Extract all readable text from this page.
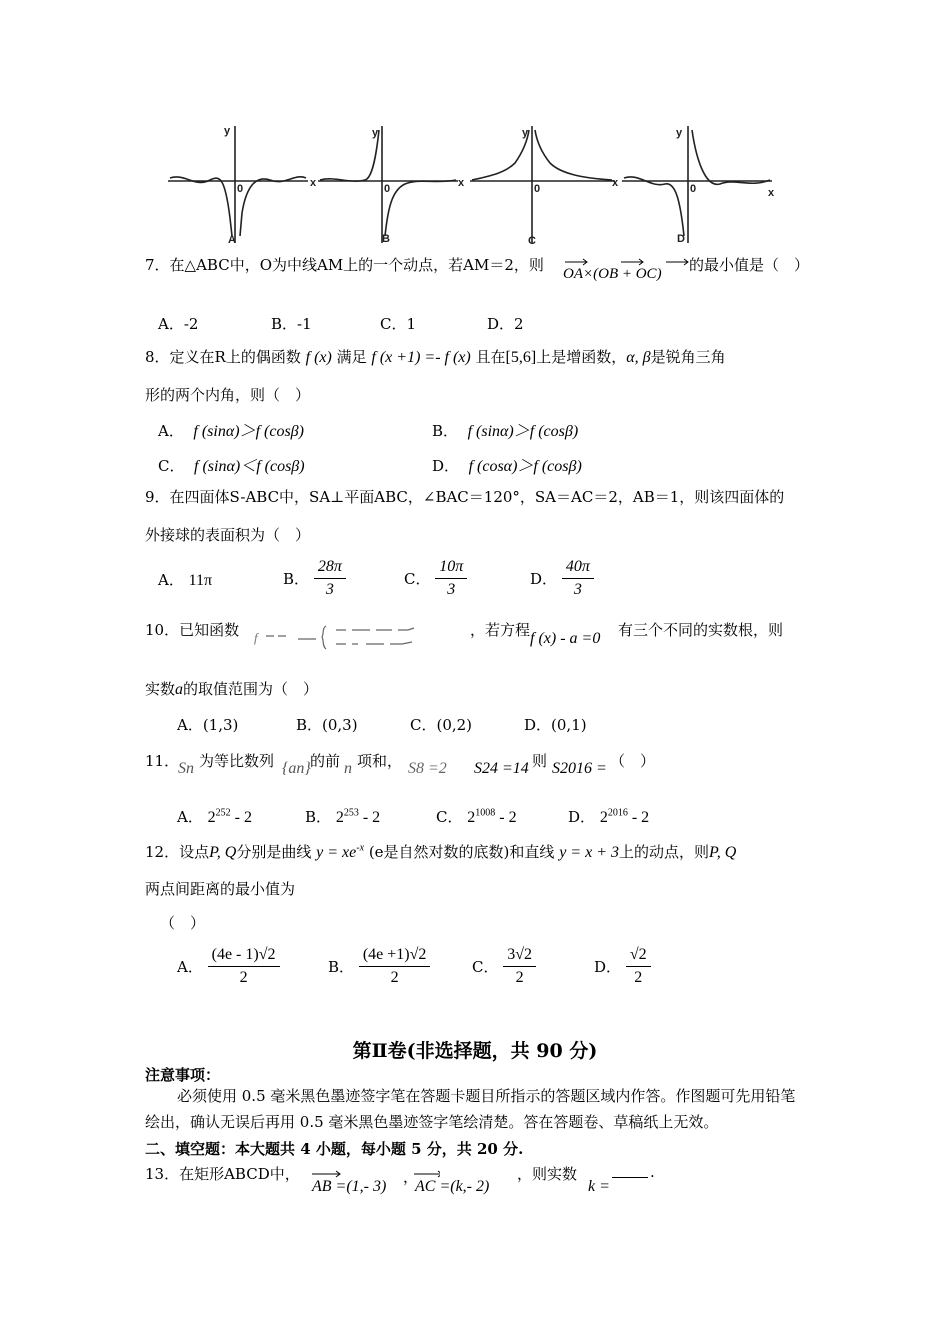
y
x
0
A
y
x
0
B
y
x
0
C
y
x
0
D
7．在△ABC中，O为中线AM上的一个动点，若AM＝2，则 OA×(OB + OC) 的最小值是（　）
A．-2	B．-1	C．1	D．2
8．定义在R上的偶函数 f (x) 满足 f (x +1) =- f (x) 且在[5,6]上是增函数，α, β是锐角三角
形的两个内角，则（　）
A． f (sinα)＞f (cosβ)	B． f (sinα)＞f (cosβ)
C． f (sinα)＜f (cosβ)	D． f (cosα)＞f (cosβ)
9．在四面体S-ABC中，SA⊥平面ABC，∠BAC＝120°，SA＝AC＝2，AB＝1，则该四面体的
外接球的表面积为（　）
A． 11π	B． $\frac{28\pi}{3}$	C． $\frac{10\pi}{3}$	D． $\frac{40\pi}{3}$
10．已知函数 f	，若方程 f (x) - a =0 有三个不同的实数根，则
实数a的取值范围为（　）
A．(1,3)	B．(0,3)	C．(0,2)	D．(0,1)
11．
Sn 为等比数列 {an} 的前 n 项和， S8 =2 S24 =14 则 S2016 = （　）
A． $2^{252} - 2$	B． $2^{253} - 2$	C． $2^{1008} - 2$	D． $2^{2016} - 2$
12．设点P, Q分别是曲线 $y = xe^{-x}$ (e是自然对数的底数)和直线 y = x + 3上的动点，则P, Q
两点间距离的最小值为
（　）
A． $\frac{(4e - 1)√2}{2}$	B． $\frac{(4e +1)√2}{2}$	C． $\frac{3√2}{2}$	D． $\frac{√2}{2}$
第Ⅱ卷(非选择题，共 90 分)
注意事项：
必须使用 0.5 毫米黑色墨迹签字笔在答题卡题目所指示的答题区域内作答。作图题可先用铅笔绘出，确认无误后再用 0.5 毫米黑色墨迹签字笔绘清楚。答在答题卷、草稿纸上无效。
二、填空题：本大题共 4 小题，每小题 5 分，共 20 分.
13．在矩形ABCD中，
AB =(1,- 3)
，
AC =(k,- 2)
，则实数
k =
.
